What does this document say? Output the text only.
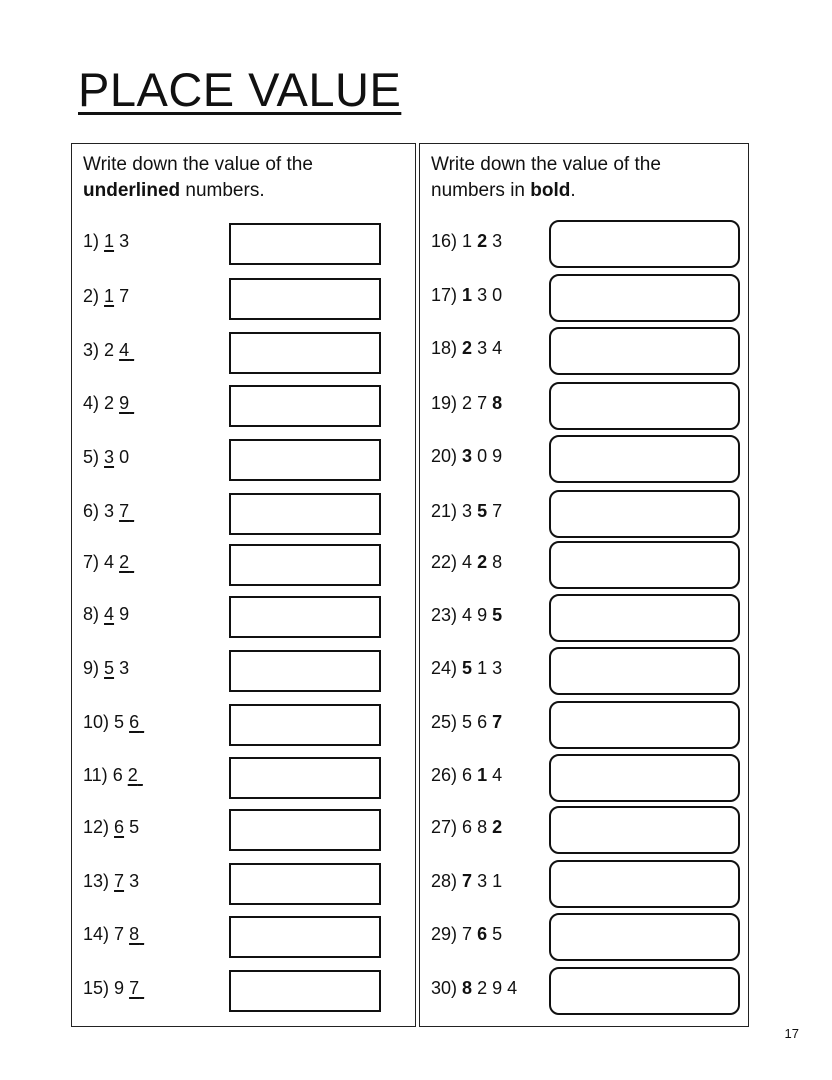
PLACE VALUE
Write down the value of the
underlined numbers.
1) 1 3
2) 1 7
3) 2 4
4) 2 9
5) 3 0
6) 3 7
7) 4 2
8) 4 9
9) 5 3
10) 5 6
11) 6 2
12) 6 5
13) 7 3
14) 7 8
15) 9 7
Write down the value of the
numbers in bold.
16) 1 2 3
17) 1 3 0
18) 2 3 4
19) 2 7 8
20) 3 0 9
21) 3 5 7
22) 4 2 8
23) 4 9 5
24) 5 1 3
25) 5 6 7
26) 6 1 4
27) 6 8 2
28) 7 3 1
29) 7 6 5
30) 8 2 9 4
17
